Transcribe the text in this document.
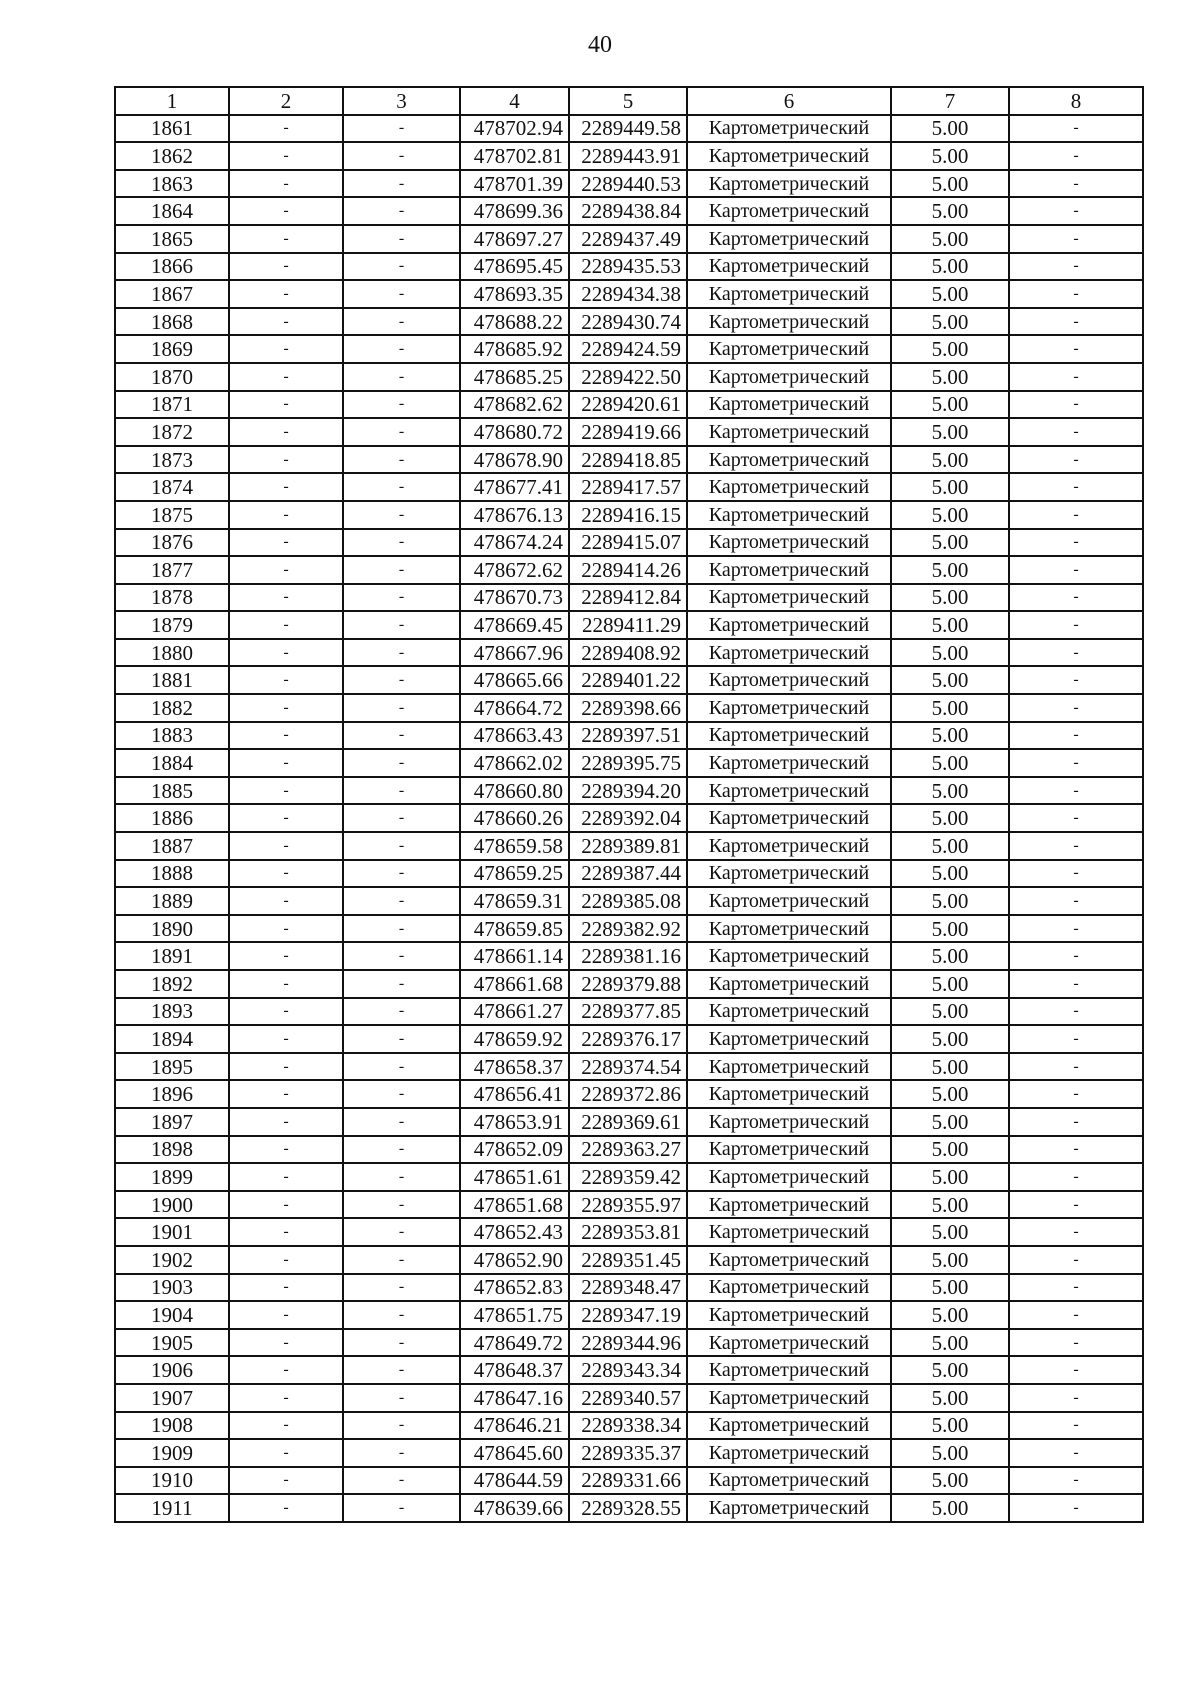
40
1	2	3	4	5	6	7	8
1861	-	-	478702.94	2289449.58	Картометрический	5.00	-
1862	-	-	478702.81	2289443.91	Картометрический	5.00	-
1863	-	-	478701.39	2289440.53	Картометрический	5.00	-
1864	-	-	478699.36	2289438.84	Картометрический	5.00	-
1865	-	-	478697.27	2289437.49	Картометрический	5.00	-
1866	-	-	478695.45	2289435.53	Картометрический	5.00	-
1867	-	-	478693.35	2289434.38	Картометрический	5.00	-
1868	-	-	478688.22	2289430.74	Картометрический	5.00	-
1869	-	-	478685.92	2289424.59	Картометрический	5.00	-
1870	-	-	478685.25	2289422.50	Картометрический	5.00	-
1871	-	-	478682.62	2289420.61	Картометрический	5.00	-
1872	-	-	478680.72	2289419.66	Картометрический	5.00	-
1873	-	-	478678.90	2289418.85	Картометрический	5.00	-
1874	-	-	478677.41	2289417.57	Картометрический	5.00	-
1875	-	-	478676.13	2289416.15	Картометрический	5.00	-
1876	-	-	478674.24	2289415.07	Картометрический	5.00	-
1877	-	-	478672.62	2289414.26	Картометрический	5.00	-
1878	-	-	478670.73	2289412.84	Картометрический	5.00	-
1879	-	-	478669.45	2289411.29	Картометрический	5.00	-
1880	-	-	478667.96	2289408.92	Картометрический	5.00	-
1881	-	-	478665.66	2289401.22	Картометрический	5.00	-
1882	-	-	478664.72	2289398.66	Картометрический	5.00	-
1883	-	-	478663.43	2289397.51	Картометрический	5.00	-
1884	-	-	478662.02	2289395.75	Картометрический	5.00	-
1885	-	-	478660.80	2289394.20	Картометрический	5.00	-
1886	-	-	478660.26	2289392.04	Картометрический	5.00	-
1887	-	-	478659.58	2289389.81	Картометрический	5.00	-
1888	-	-	478659.25	2289387.44	Картометрический	5.00	-
1889	-	-	478659.31	2289385.08	Картометрический	5.00	-
1890	-	-	478659.85	2289382.92	Картометрический	5.00	-
1891	-	-	478661.14	2289381.16	Картометрический	5.00	-
1892	-	-	478661.68	2289379.88	Картометрический	5.00	-
1893	-	-	478661.27	2289377.85	Картометрический	5.00	-
1894	-	-	478659.92	2289376.17	Картометрический	5.00	-
1895	-	-	478658.37	2289374.54	Картометрический	5.00	-
1896	-	-	478656.41	2289372.86	Картометрический	5.00	-
1897	-	-	478653.91	2289369.61	Картометрический	5.00	-
1898	-	-	478652.09	2289363.27	Картометрический	5.00	-
1899	-	-	478651.61	2289359.42	Картометрический	5.00	-
1900	-	-	478651.68	2289355.97	Картометрический	5.00	-
1901	-	-	478652.43	2289353.81	Картометрический	5.00	-
1902	-	-	478652.90	2289351.45	Картометрический	5.00	-
1903	-	-	478652.83	2289348.47	Картометрический	5.00	-
1904	-	-	478651.75	2289347.19	Картометрический	5.00	-
1905	-	-	478649.72	2289344.96	Картометрический	5.00	-
1906	-	-	478648.37	2289343.34	Картометрический	5.00	-
1907	-	-	478647.16	2289340.57	Картометрический	5.00	-
1908	-	-	478646.21	2289338.34	Картометрический	5.00	-
1909	-	-	478645.60	2289335.37	Картометрический	5.00	-
1910	-	-	478644.59	2289331.66	Картометрический	5.00	-
1911	-	-	478639.66	2289328.55	Картометрический	5.00	-
